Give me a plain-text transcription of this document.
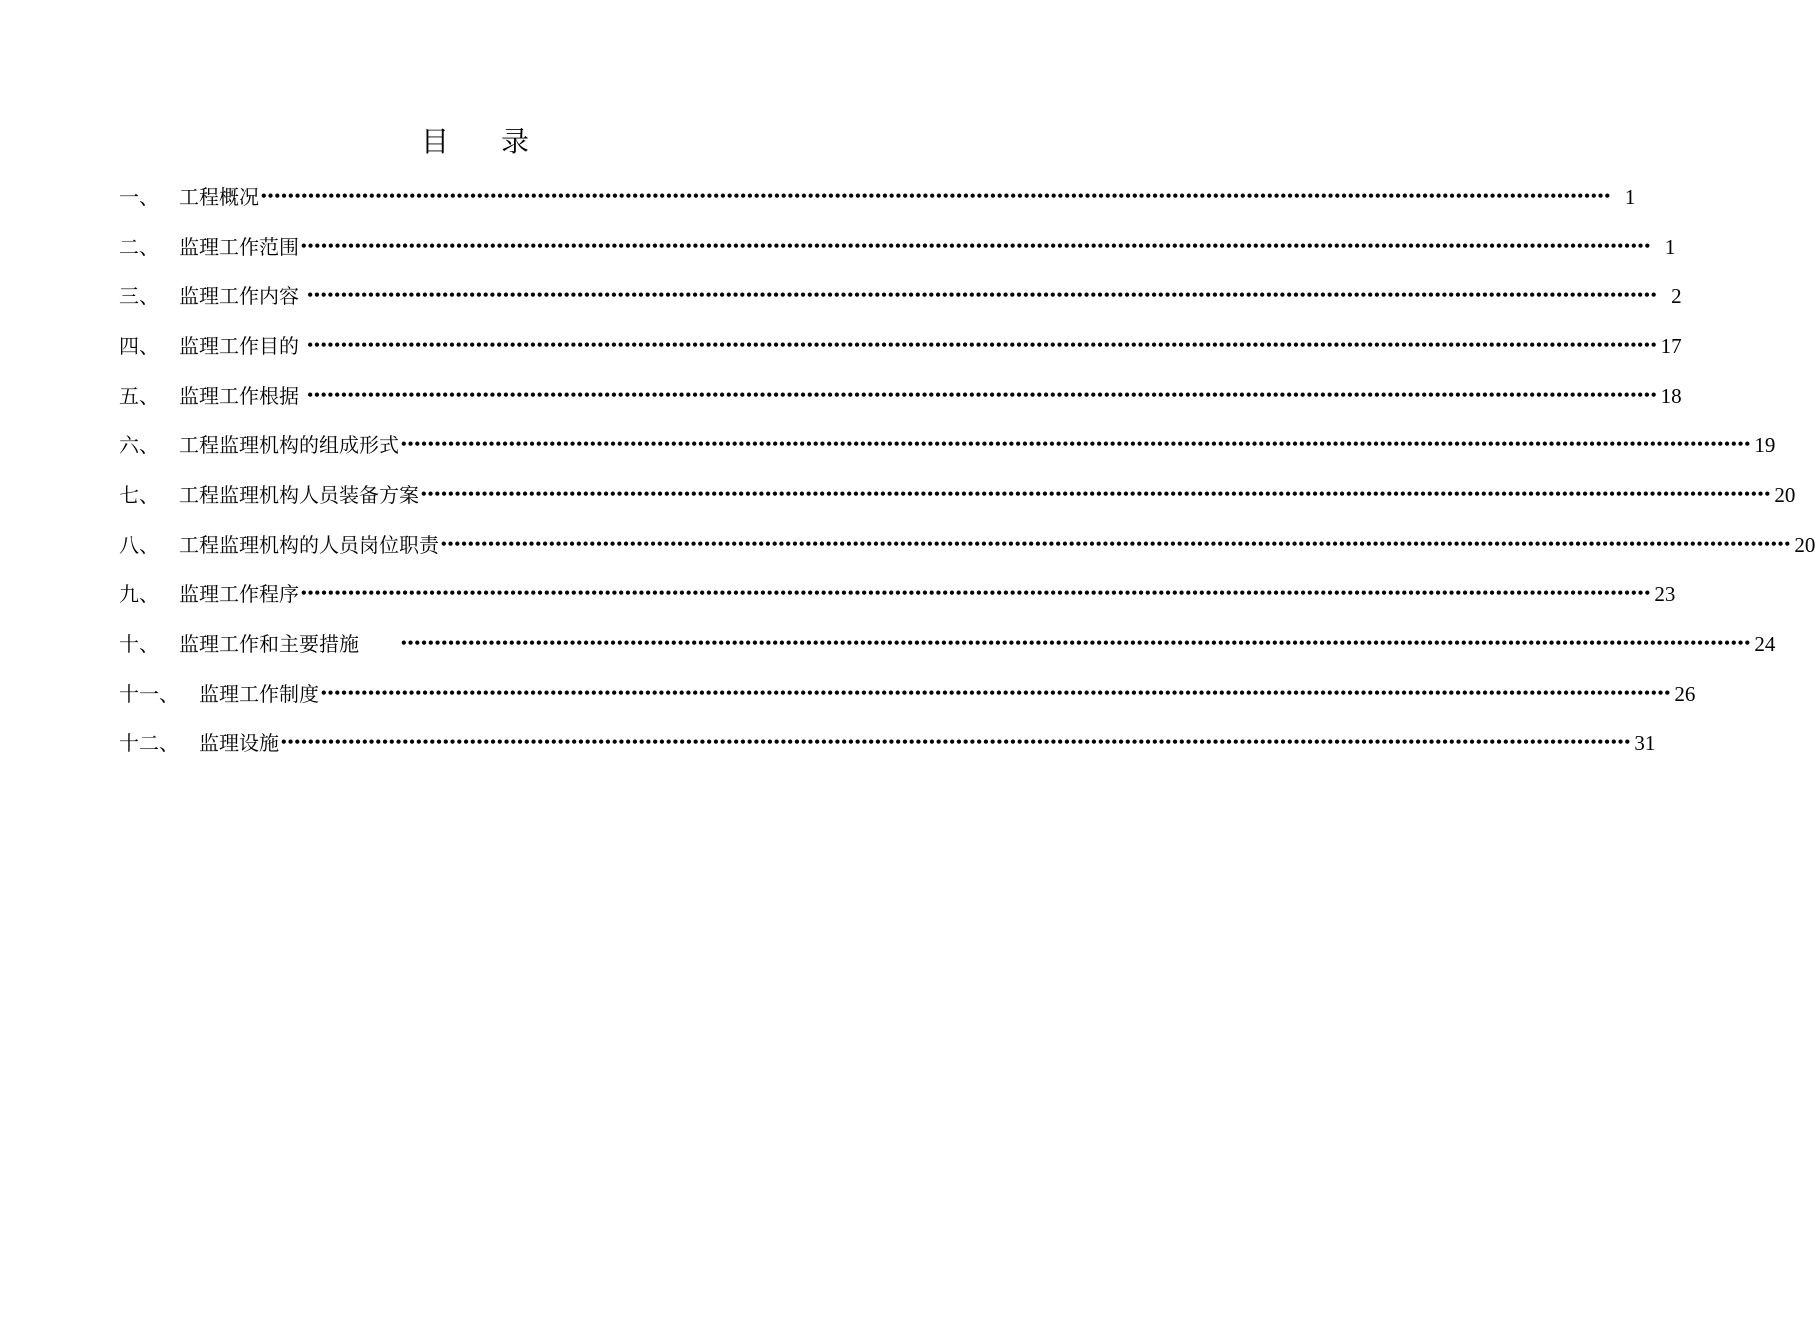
目 录
一、 工程概况 •••••••••••••••••••••••••••••••••••••••••••••••••••••••••••••••••••••••••••••••••••••••••••••••••••••••••••••••••••••••••••••••••••••••••••••••••••••••••••••••••••••••••••••••••••••••••••••••••••••••• 1
二、 监理工作范围 •••••••••••••••••••••••••••••••••••••••••••••••••••••••••••••••••••••••••••••••••••••••••••••••••••••••••••••••••••••••••••••••••••••••••••••••••••••••••••••••••••••••••••••••••••••••••••••••••••••••• 1
三、 监理工作内容 •••••••••••••••••••••••••••••••••••••••••••••••••••••••••••••••••••••••••••••••••••••••••••••••••••••••••••••••••••••••••••••••••••••••••••••••••••••••••••••••••••••••••••••••••••••••••••••••••••••••• 2
四、 监理工作目的 •••••••••••••••••••••••••••••••••••••••••••••••••••••••••••••••••••••••••••••••••••••••••••••••••••••••••••••••••••••••••••••••••••••••••••••••••••••••••••••••••••••••••••••••••••••••••••••••••••••••• 17
五、 监理工作根据 •••••••••••••••••••••••••••••••••••••••••••••••••••••••••••••••••••••••••••••••••••••••••••••••••••••••••••••••••••••••••••••••••••••••••••••••••••••••••••••••••••••••••••••••••••••••••••••••••••••••• 18
六、 工程监理机构的组成形式 •••••••••••••••••••••••••••••••••••••••••••••••••••••••••••••••••••••••••••••••••••••••••••••••••••••••••••••••••••••••••••••••••••••••••••••••••••••••••••••••••••••••••••••••••••••••••••••••••••••••• 19
七、 工程监理机构人员装备方案 •••••••••••••••••••••••••••••••••••••••••••••••••••••••••••••••••••••••••••••••••••••••••••••••••••••••••••••••••••••••••••••••••••••••••••••••••••••••••••••••••••••••••••••••••••••••••••••••••••••••• 20
八、 工程监理机构的人员岗位职责 •••••••••••••••••••••••••••••••••••••••••••••••••••••••••••••••••••••••••••••••••••••••••••••••••••••••••••••••••••••••••••••••••••••••••••••••••••••••••••••••••••••••••••••••••••••••••••••••••••••••• 20
九、 监理工作程序 •••••••••••••••••••••••••••••••••••••••••••••••••••••••••••••••••••••••••••••••••••••••••••••••••••••••••••••••••••••••••••••••••••••••••••••••••••••••••••••••••••••••••••••••••••••••••••••••••••••••• 23
十、 监理工作和主要措施	•••••••••••••••••••••••••••••••••••••••••••••••••••••••••••••••••••••••••••••••••••••••••••••••••••••••••••••••••••••••••••••••••••••••••••••••••••••••••••••••••••••••••••••••••••••••••••••••••••••••• 24
十一、 监理工作制度 •••••••••••••••••••••••••••••••••••••••••••••••••••••••••••••••••••••••••••••••••••••••••••••••••••••••••••••••••••••••••••••••••••••••••••••••••••••••••••••••••••••••••••••••••••••••••••••••••••••••• 26
十二、 监理设施 •••••••••••••••••••••••••••••••••••••••••••••••••••••••••••••••••••••••••••••••••••••••••••••••••••••••••••••••••••••••••••••••••••••••••••••••••••••••••••••••••••••••••••••••••••••••••••••••••••••••• 31
